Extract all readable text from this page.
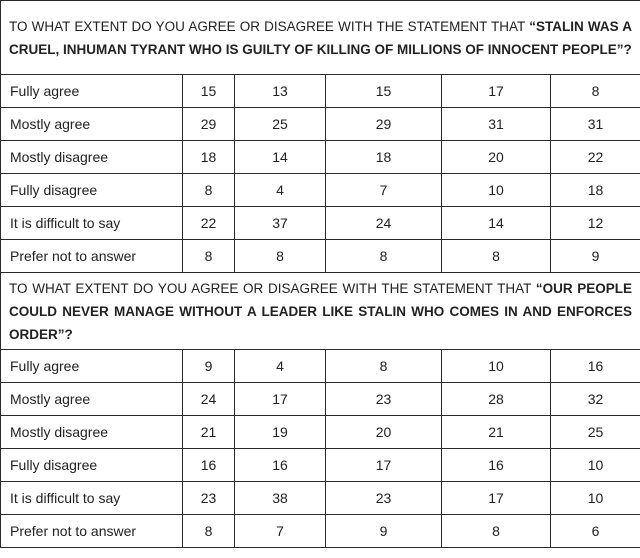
TO WHAT EXTENT DO YOU AGREE OR DISAGREE WITH THE STATEMENT THAT “STALIN WAS A CRUEL, INHUMAN TYRANT WHO IS GUILTY OF KILLING OF MILLIONS OF INNOCENT PEOPLE”?					
Fully agree	15	13	15	17	8
Mostly agree	29	25	29	31	31
Mostly disagree	18	14	18	20	22
Fully disagree	8	4	7	10	18
It is difficult to say	22	37	24	14	12
Prefer not to answer	8	8	8	8	9
TO WHAT EXTENT DO YOU AGREE OR DISAGREE WITH THE STATEMENT THAT “OUR PEOPLE COULD NEVER MANAGE WITHOUT A LEADER LIKE STALIN WHO COMES IN AND ENFORCES ORDER”?					
Fully agree	9	4	8	10	16
Mostly agree	24	17	23	28	32
Mostly disagree	21	19	20	21	25
Fully disagree	16	16	17	16	10
It is difficult to say	23	38	23	17	10
Prefer not to answer	8	7	9	8	6
